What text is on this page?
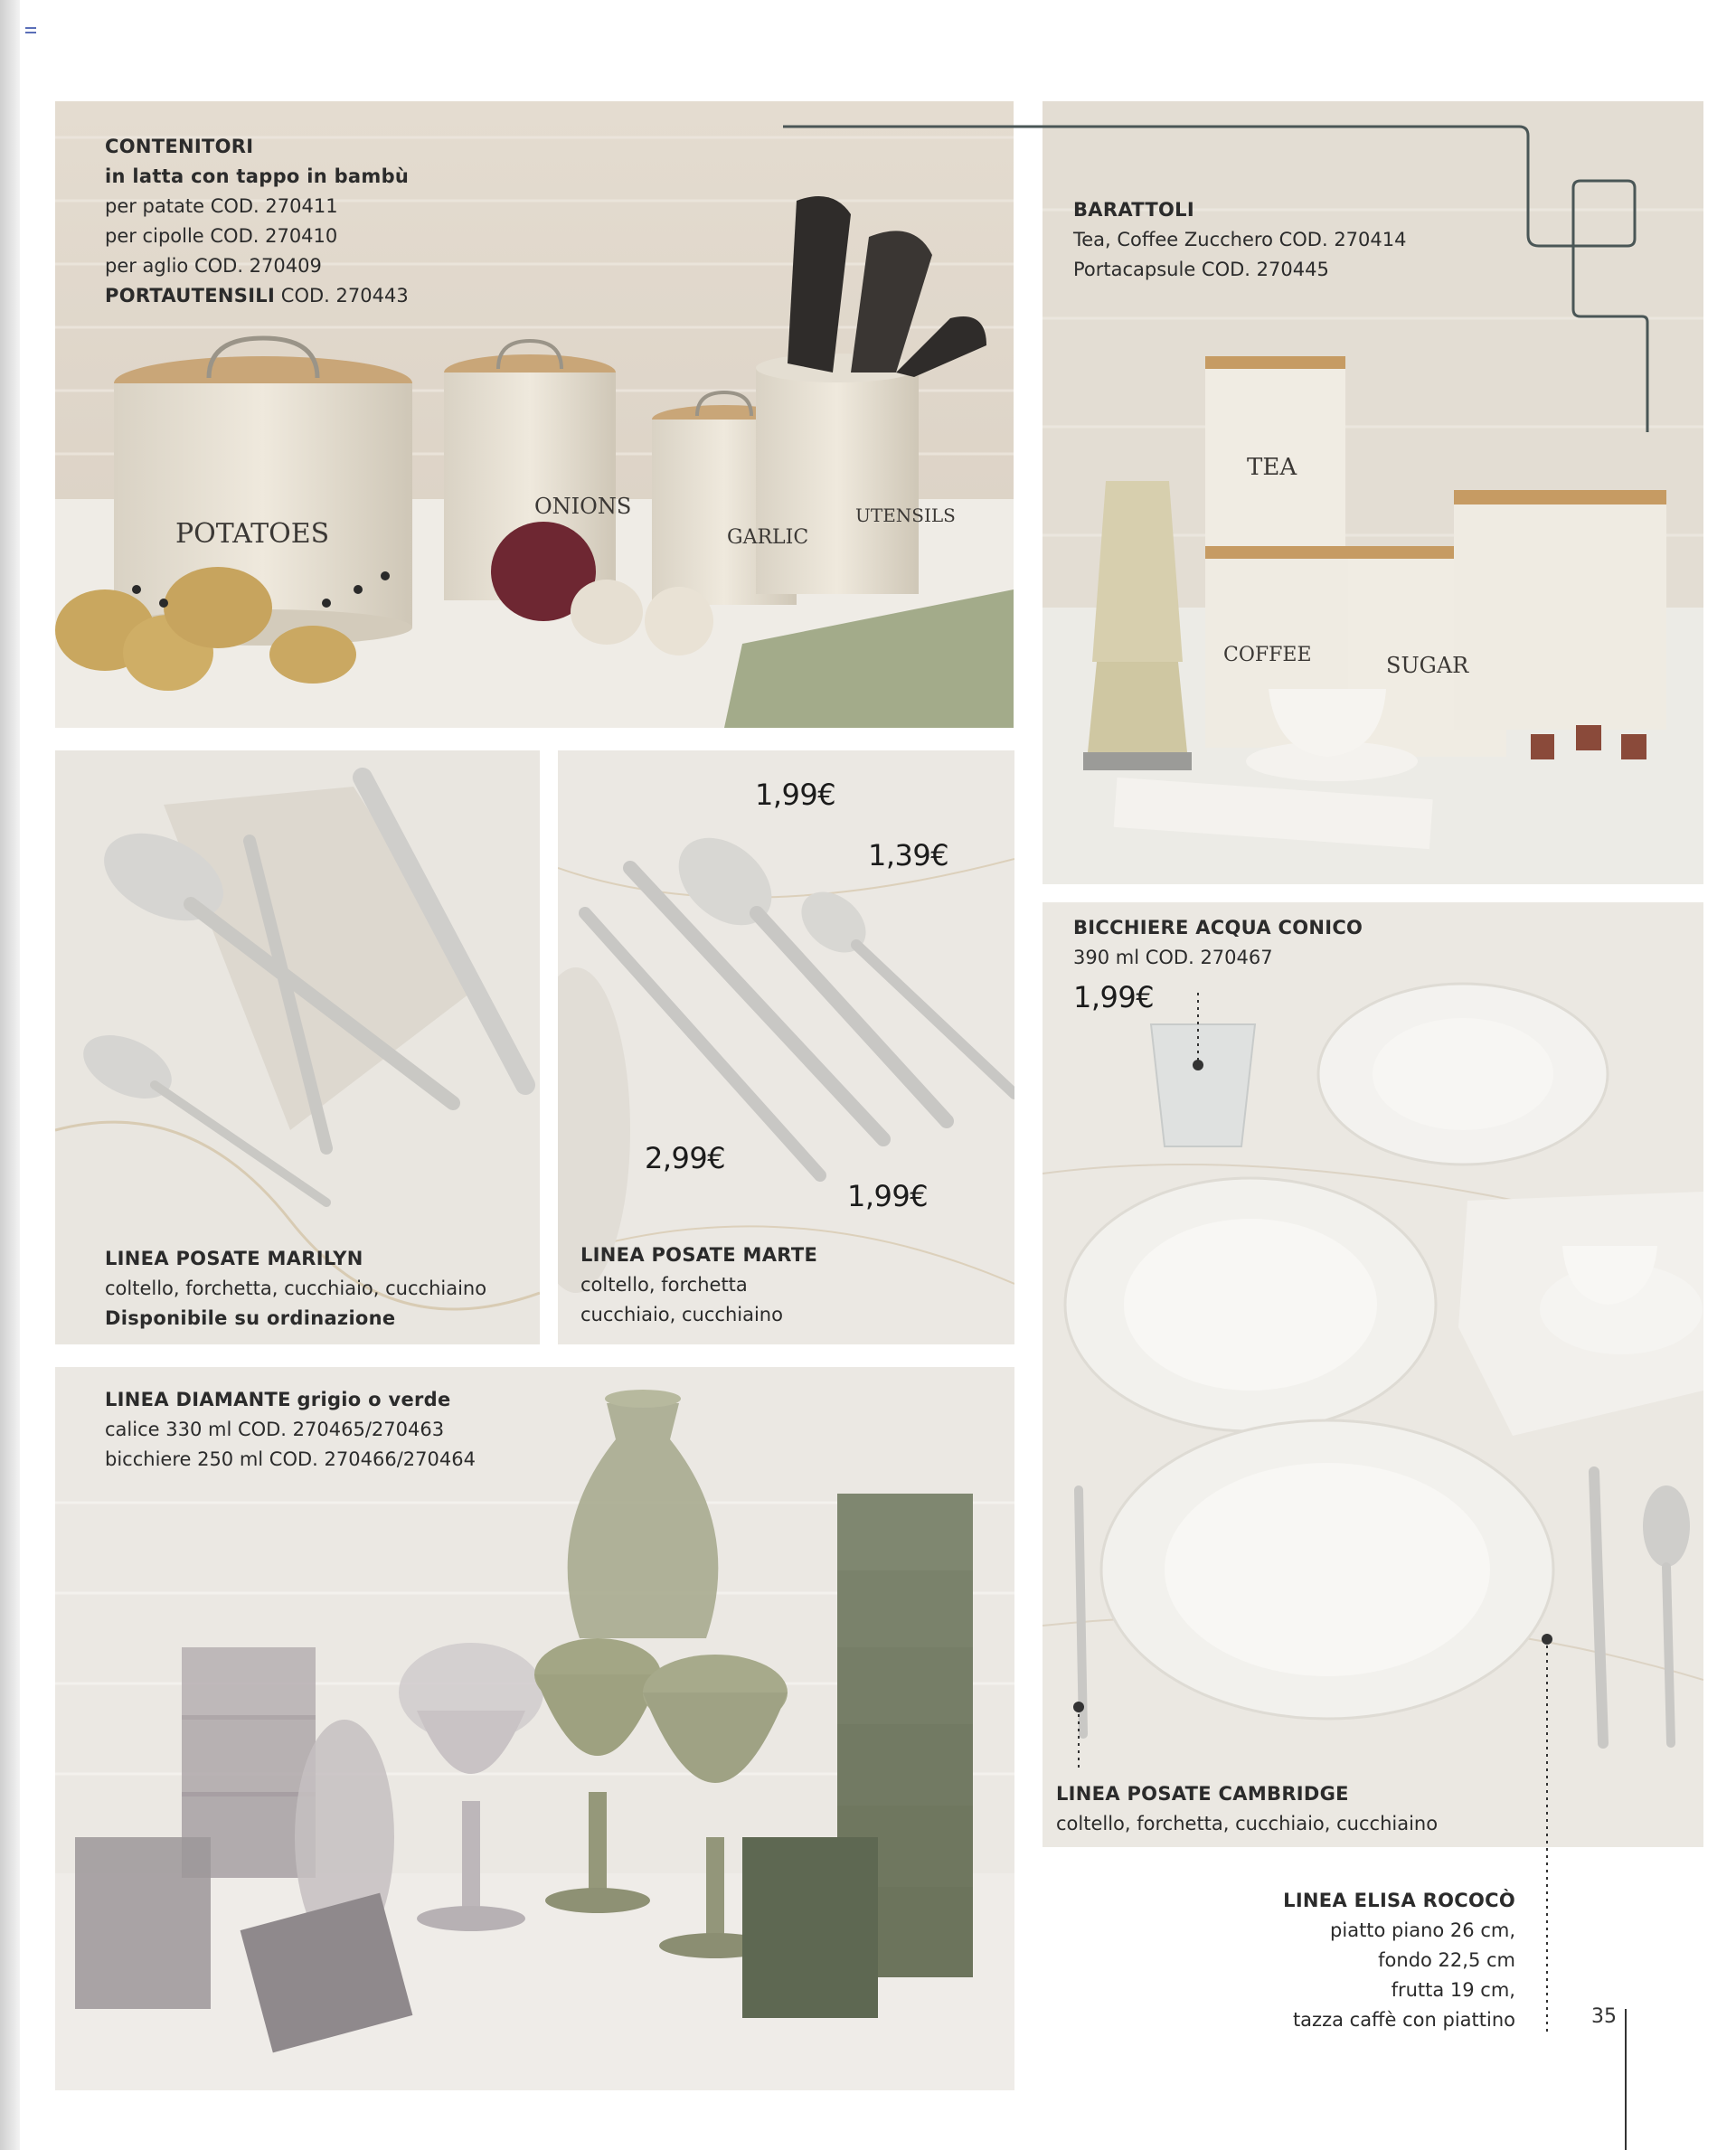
POTATOES
ONIONS
GARLIC
UTENSILS
CONTENITORI
in latta con tappo in bambù
per patate COD. 270411
per cipolle COD. 270410
per aglio COD. 270409
PORTAUTENSILI COD. 270443
TEA
COFFEE	SUGAR
BARATTOLI
Tea, Coffee Zucchero COD. 270414
Portacapsule COD. 270445
LINEA POSATE MARILYN
coltello, forchetta, cucchiaio, cucchiaino
Disponibile su ordinazione
1,99€
1,39€
2,99€
1,99€
LINEA POSATE MARTE
coltello, forchetta
cucchiaio, cucchiaino
BICCHIERE ACQUA CONICO
390 ml COD. 270467
1,99€
LINEA POSATE CAMBRIDGE
coltello, forchetta, cucchiaio, cucchiaino
LINEA DIAMANTE grigio o verde
calice 330 ml COD. 270465/270463
bicchiere 250 ml COD. 270466/270464
LINEA ELISA ROCOCÒ
piatto piano 26 cm,
fondo 22,5 cm
frutta 19 cm,
tazza caffè con piattino	35
